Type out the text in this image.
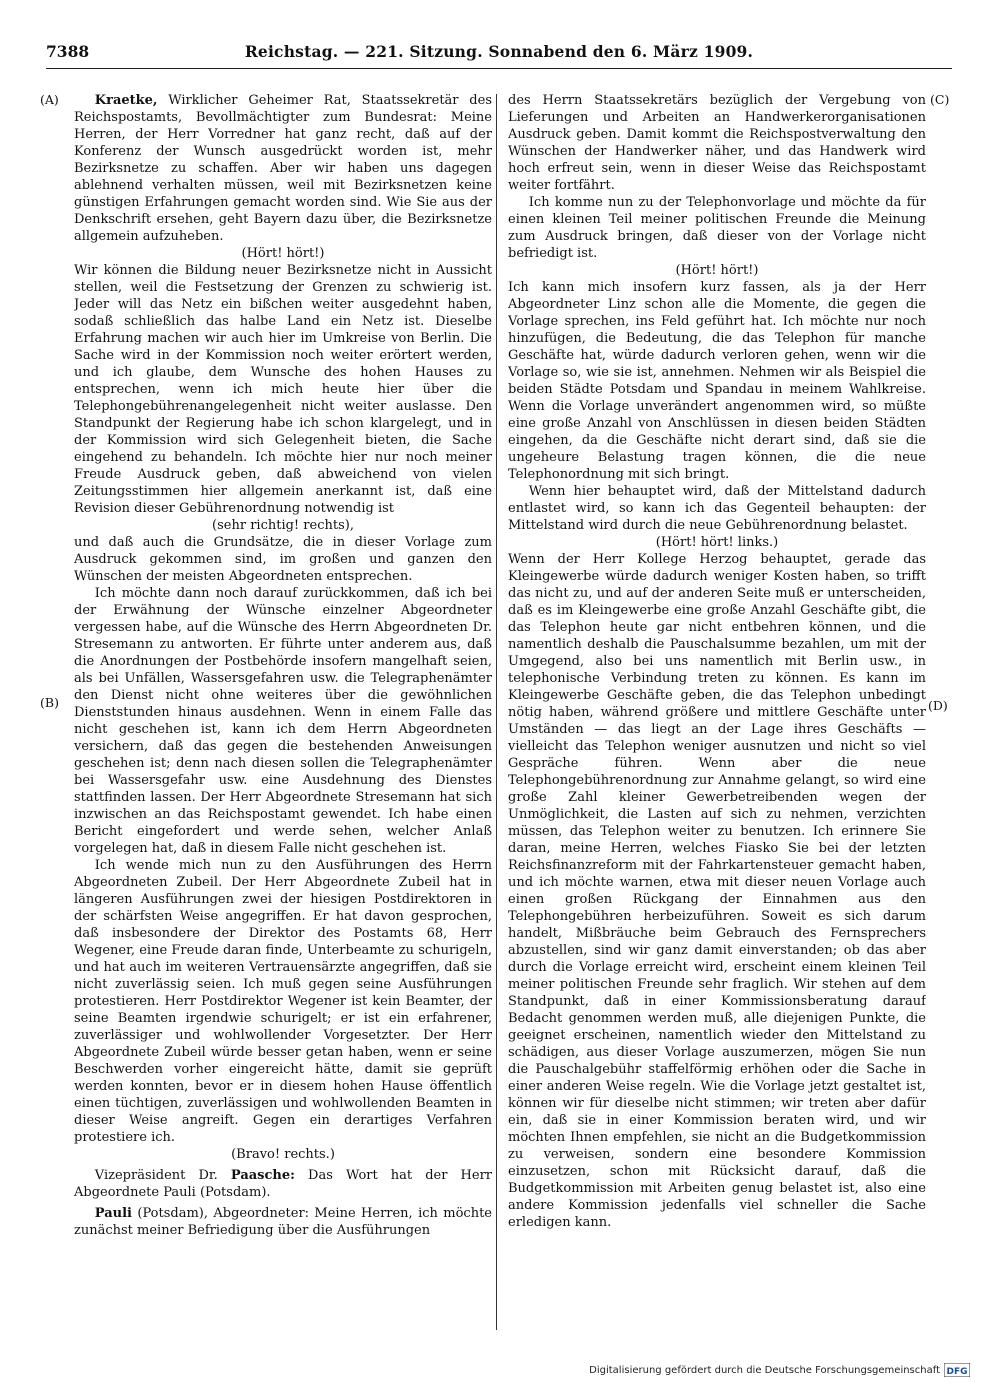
7388	Reichstag. — 221. Sitzung. Sonnabend den 6. März 1909.
(A)
(B)
(C)
(D)

Kraetke, Wirklicher Geheimer Rat, Staatssekretär des Reichspostamts, Bevollmächtigter zum Bundesrat: Meine Herren, der Herr Vorredner hat ganz recht, daß auf der Konferenz der Wunsch ausgedrückt worden ist, mehr Bezirksnetze zu schaffen. Aber wir haben uns dagegen ablehnend verhalten müssen, weil mit Bezirksnetzen keine günstigen Erfahrungen gemacht worden sind. Wie Sie aus der Denkschrift ersehen, geht Bayern dazu über, die Bezirksnetze allgemein aufzuheben.

(Hört! hört!)

Wir können die Bildung neuer Bezirksnetze nicht in Aussicht stellen, weil die Festsetzung der Grenzen zu schwierig ist. Jeder will das Netz ein bißchen weiter ausgedehnt haben, sodaß schließlich das halbe Land ein Netz ist. Dieselbe Erfahrung machen wir auch hier im Umkreise von Berlin. Die Sache wird in der Kommission noch weiter erörtert werden, und ich glaube, dem Wunsche des hohen Hauses zu entsprechen, wenn ich mich heute hier über die Telephongebührenangelegenheit nicht weiter auslasse. Den Standpunkt der Regierung habe ich schon klargelegt, und in der Kommission wird sich Gelegenheit bieten, die Sache eingehend zu behandeln. Ich möchte hier nur noch meiner Freude Ausdruck geben, daß abweichend von vielen Zeitungsstimmen hier allgemein anerkannt ist, daß eine Revision dieser Gebührenordnung notwendig ist

(sehr richtig! rechts),

und daß auch die Grundsätze, die in dieser Vorlage zum Ausdruck gekommen sind, im großen und ganzen den Wünschen der meisten Abgeordneten entsprechen.

Ich möchte dann noch darauf zurückkommen, daß ich bei der Erwähnung der Wünsche einzelner Abgeordneter vergessen habe, auf die Wünsche des Herrn Abgeordneten Dr. Stresemann zu antworten. Er führte unter anderem aus, daß die Anordnungen der Postbehörde insofern mangelhaft seien, als bei Unfällen, Wassersgefahren usw. die Telegraphenämter den Dienst nicht ohne weiteres über die gewöhnlichen Dienststunden hinaus ausdehnen. Wenn in einem Falle das nicht geschehen ist, kann ich dem Herrn Abgeordneten versichern, daß das gegen die bestehenden Anweisungen geschehen ist; denn nach diesen sollen die Telegraphenämter bei Wassersgefahr usw. eine Ausdehnung des Dienstes stattfinden lassen. Der Herr Abgeordnete Stresemann hat sich inzwischen an das Reichspostamt gewendet. Ich habe einen Bericht eingefordert und werde sehen, welcher Anlaß vorgelegen hat, daß in diesem Falle nicht geschehen ist.

Ich wende mich nun zu den Ausführungen des Herrn Abgeordneten Zubeil. Der Herr Abgeordnete Zubeil hat in längeren Ausführungen zwei der hiesigen Postdirektoren in der schärfsten Weise angegriffen. Er hat davon gesprochen, daß insbesondere der Direktor des Postamts 68, Herr Wegener, eine Freude daran finde, Unterbeamte zu schurigeln, und hat auch im weiteren Vertrauensärzte angegriffen, daß sie nicht zuverlässig seien. Ich muß gegen seine Ausführungen protestieren. Herr Postdirektor Wegener ist kein Beamter, der seine Beamten irgendwie schurigelt; er ist ein erfahrener, zuverlässiger und wohlwollender Vorgesetzter. Der Herr Abgeordnete Zubeil würde besser getan haben, wenn er seine Beschwerden vorher eingereicht hätte, damit sie geprüft werden konnten, bevor er in diesem hohen Hause öffentlich einen tüchtigen, zuverlässigen und wohlwollenden Beamten in dieser Weise angreift. Gegen ein derartiges Verfahren protestiere ich.

(Bravo! rechts.)

Vizepräsident Dr. Paasche: Das Wort hat der Herr Abgeordnete Pauli (Potsdam).

Pauli (Potsdam), Abgeordneter: Meine Herren, ich möchte zunächst meiner Befriedigung über die Ausführungen

des Herrn Staatssekretärs bezüglich der Vergebung von Lieferungen und Arbeiten an Handwerkerorganisationen Ausdruck geben. Damit kommt die Reichspostverwaltung den Wünschen der Handwerker näher, und das Handwerk wird hoch erfreut sein, wenn in dieser Weise das Reichspostamt weiter fortfährt.

Ich komme nun zu der Telephonvorlage und möchte da für einen kleinen Teil meiner politischen Freunde die Meinung zum Ausdruck bringen, daß dieser von der Vorlage nicht befriedigt ist.

(Hört! hört!)

Ich kann mich insofern kurz fassen, als ja der Herr Abgeordneter Linz schon alle die Momente, die gegen die Vorlage sprechen, ins Feld geführt hat. Ich möchte nur noch hinzufügen, die Bedeutung, die das Telephon für manche Geschäfte hat, würde dadurch verloren gehen, wenn wir die Vorlage so, wie sie ist, annehmen. Nehmen wir als Beispiel die beiden Städte Potsdam und Spandau in meinem Wahlkreise. Wenn die Vorlage unverändert angenommen wird, so müßte eine große Anzahl von Anschlüssen in diesen beiden Städten eingehen, da die Geschäfte nicht derart sind, daß sie die ungeheure Belastung tragen können, die die neue Telephonordnung mit sich bringt.

Wenn hier behauptet wird, daß der Mittelstand dadurch entlastet wird, so kann ich das Gegenteil behaupten: der Mittelstand wird durch die neue Gebührenordnung belastet.

(Hört! hört! links.)

Wenn der Herr Kollege Herzog behauptet, gerade das Kleingewerbe würde dadurch weniger Kosten haben, so trifft das nicht zu, und auf der anderen Seite muß er unterscheiden, daß es im Kleingewerbe eine große Anzahl Geschäfte gibt, die das Telephon heute gar nicht entbehren können, und die namentlich deshalb die Pauschalsumme bezahlen, um mit der Umgegend, also bei uns namentlich mit Berlin usw., in telephonische Verbindung treten zu können. Es kann im Kleingewerbe Geschäfte geben, die das Telephon unbedingt nötig haben, während größere und mittlere Geschäfte unter Umständen — das liegt an der Lage ihres Geschäfts — vielleicht das Telephon weniger ausnutzen und nicht so viel Gespräche führen. Wenn aber die neue Telephongebührenordnung zur Annahme gelangt, so wird eine große Zahl kleiner Gewerbetreibenden wegen der Unmöglichkeit, die Lasten auf sich zu nehmen, verzichten müssen, das Telephon weiter zu benutzen. Ich erinnere Sie daran, meine Herren, welches Fiasko Sie bei der letzten Reichsfinanzreform mit der Fahrkartensteuer gemacht haben, und ich möchte warnen, etwa mit dieser neuen Vorlage auch einen großen Rückgang der Einnahmen aus den Telephongebühren herbeizuführen. Soweit es sich darum handelt, Mißbräuche beim Gebrauch des Fernsprechers abzustellen, sind wir ganz damit einverstanden; ob das aber durch die Vorlage erreicht wird, erscheint einem kleinen Teil meiner politischen Freunde sehr fraglich. Wir stehen auf dem Standpunkt, daß in einer Kommissionsberatung darauf Bedacht genommen werden muß, alle diejenigen Punkte, die geeignet erscheinen, namentlich wieder den Mittelstand zu schädigen, aus dieser Vorlage auszumerzen, mögen Sie nun die Pauschalgebühr staffelförmig erhöhen oder die Sache in einer anderen Weise regeln. Wie die Vorlage jetzt gestaltet ist, können wir für dieselbe nicht stimmen; wir treten aber dafür ein, daß sie in einer Kommission beraten wird, und wir möchten Ihnen empfehlen, sie nicht an die Budgetkommission zu verweisen, sondern eine besondere Kommission einzusetzen, schon mit Rücksicht darauf, daß die Budgetkommission mit Arbeiten genug belastet ist, also eine andere Kommission jedenfalls viel schneller die Sache erledigen kann.

Digitalisierung gefördert durch die Deutsche Forschungsgemeinschaft DFG
